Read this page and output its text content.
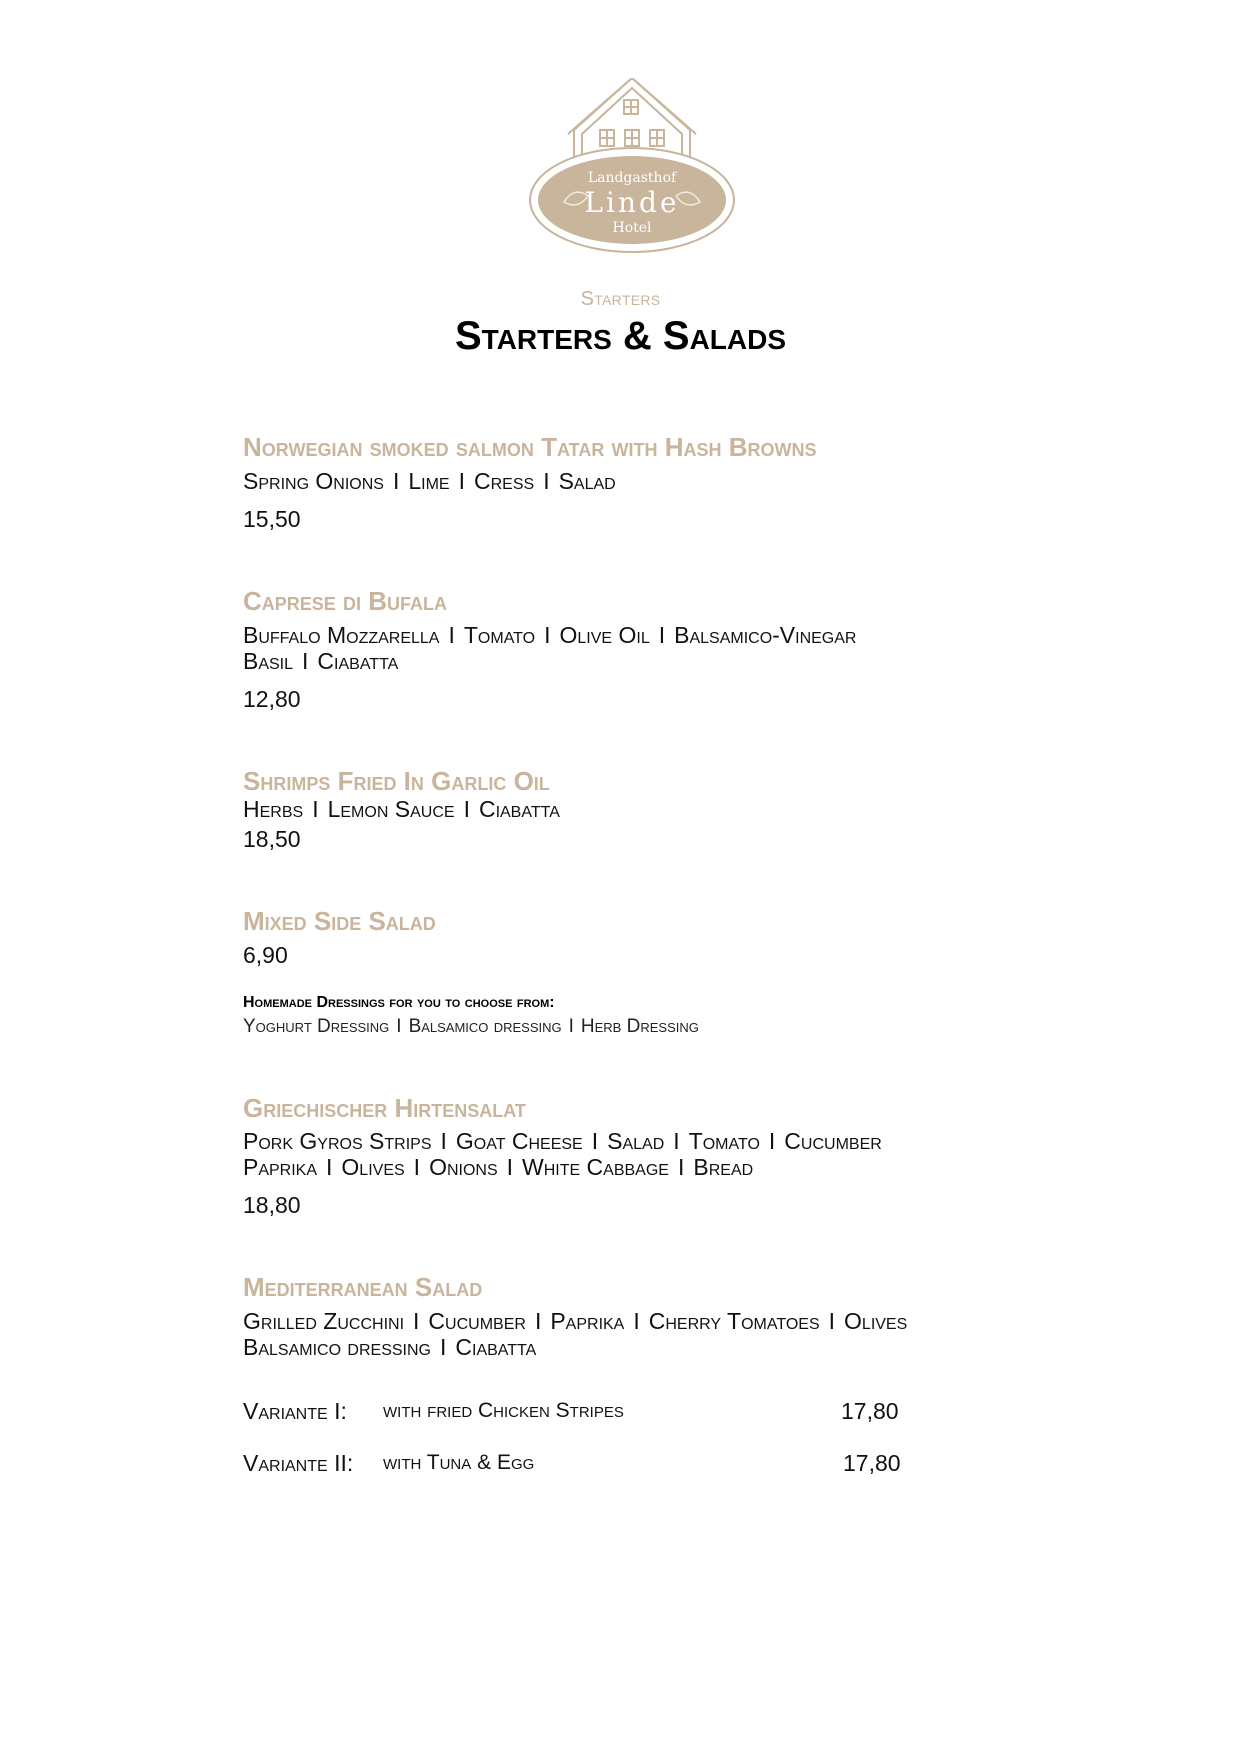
Landgasthof
Linde
Hotel
Starters
Starters & Salads
Norwegian smoked salmon Tatar with Hash Browns
Spring Onions I Lime I Cress I Salad
15,50
Caprese di Bufala
Buffalo Mozzarella I Tomato I Olive Oil I Balsamico-Vinegar
Basil I Ciabatta
12,80
Shrimps Fried In Garlic Oil
Herbs I Lemon Sauce I Ciabatta
18,50
Mixed Side Salad
6,90
Homemade Dressings for you to choose from:
Yoghurt Dressing I Balsamico dressing I Herb Dressing
Griechischer Hirtensalat
Pork Gyros Strips I Goat Cheese I Salad I Tomato I Cucumber
Paprika I Olives I Onions I White Cabbage I Bread
18,80
Mediterranean Salad
Grilled Zucchini I Cucumber I Paprika I Cherry Tomatoes I Olives
Balsamico dressing I Ciabatta
Variante I: with fried Chicken Stripes	17,80
Variante II: with Tuna & Egg	17,80
